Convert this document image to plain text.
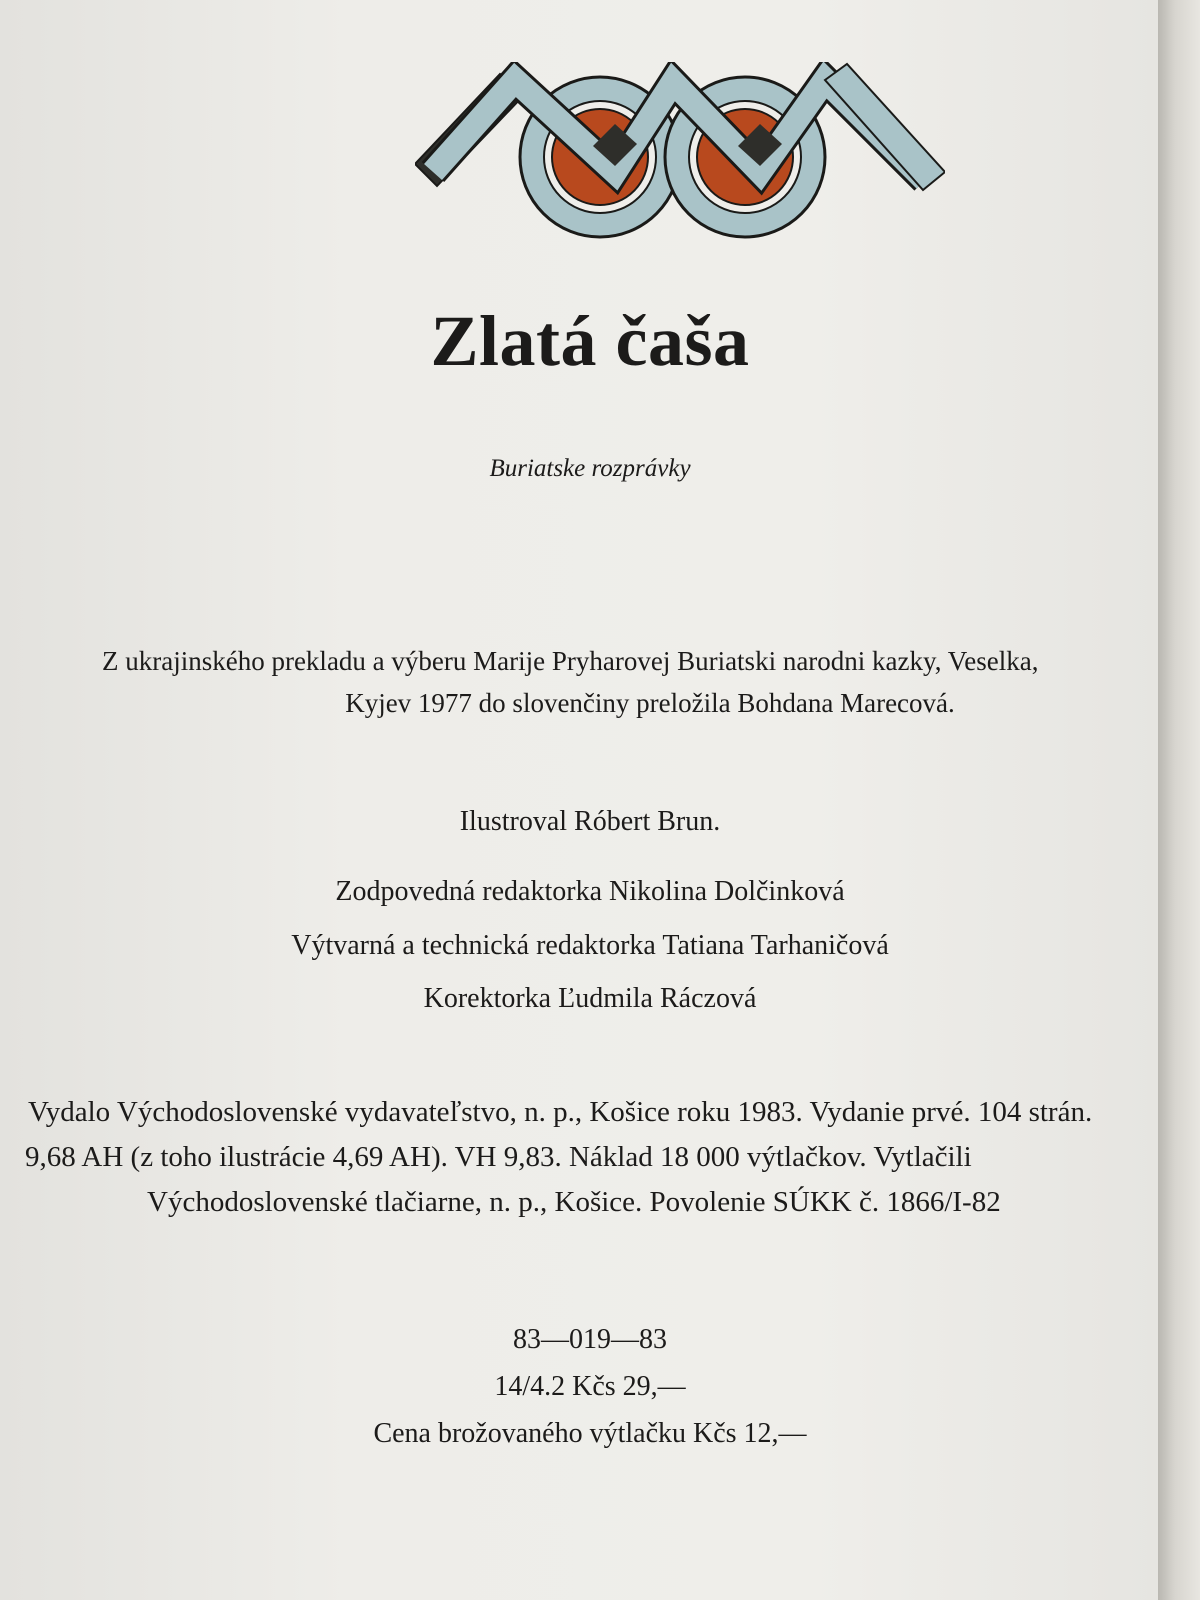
Zlatá čaša

Buriatske rozprávky

Z ukrajinského prekladu a výberu Marije Pryharovej Buriatski narodni kazky, Veselka,

Kyjev 1977 do slovenčiny preložila Bohdana Marecová.

Ilustroval Róbert Brun.

Zodpovedná redaktorka Nikolina Dolčinková

Výtvarná a technická redaktorka Tatiana Tarhaničová

Korektorka Ľudmila Ráczová

Vydalo Východoslovenské vydavateľstvo, n. p., Košice roku 1983. Vydanie prvé. 104 strán.

9,68 AH (z toho ilustrácie 4,69 AH). VH 9,83. Náklad 18 000 výtlačkov. Vytlačili

Východoslovenské tlačiarne, n. p., Košice. Povolenie SÚKK č. 1866/I-82

83—019—83

14/4.2 Kčs 29,—

Cena brožovaného výtlačku Kčs 12,—
